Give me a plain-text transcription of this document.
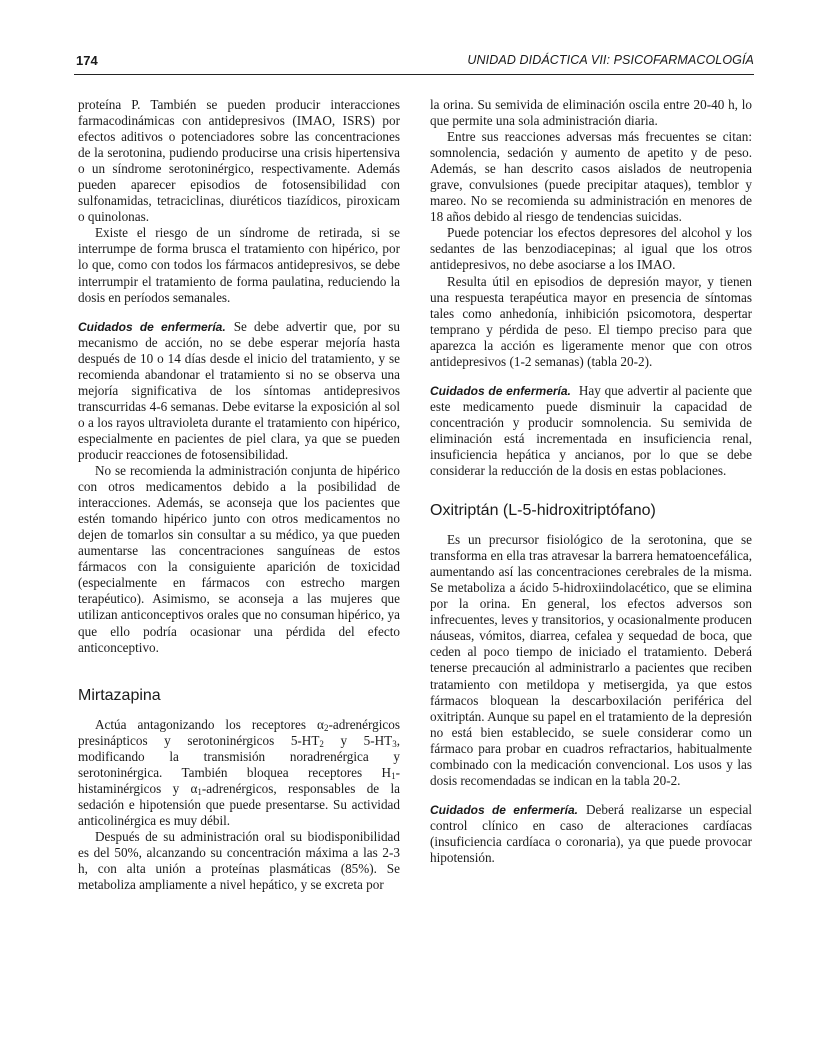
174	UNIDAD DIDÁCTICA VII: PSICOFARMACOLOGÍA

proteína P. También se pueden producir interacciones farmacodinámicas con antidepresivos (IMAO, ISRS) por efectos aditivos o potenciadores sobre las concentraciones de la serotonina, pudiendo producirse una crisis hipertensiva o un síndrome serotoninérgico, respectivamente. Además pueden aparecer episodios de fotosensibilidad con sulfonamidas, tetraciclinas, diuréticos tiazídicos, piroxicam o quinolonas.

Existe el riesgo de un síndrome de retirada, si se interrumpe de forma brusca el tratamiento con hipérico, por lo que, como con todos los fármacos antidepresivos, se debe interrumpir el tratamiento de forma paulatina, reduciendo la dosis en períodos semanales.

Cuidados de enfermería. Se debe advertir que, por su mecanismo de acción, no se debe esperar mejoría hasta después de 10 o 14 días desde el inicio del tratamiento, y se recomienda abandonar el tratamiento si no se observa una mejoría significativa de los síntomas antidepresivos transcurridas 4-6 semanas. Debe evitarse la exposición al sol o a los rayos ultravioleta durante el tratamiento con hipérico, especialmente en pacientes de piel clara, ya que se pueden producir reacciones de fotosensibilidad.

No se recomienda la administración conjunta de hipérico con otros medicamentos debido a la posibilidad de interacciones. Además, se aconseja que los pacientes que estén tomando hipérico junto con otros medicamentos no dejen de tomarlos sin consultar a su médico, ya que pueden aumentarse las concentraciones sanguíneas de estos fármacos con la consiguiente aparición de toxicidad (especialmente en fármacos con estrecho margen terapéutico). Asimismo, se aconseja a las mujeres que utilizan anticonceptivos orales que no consuman hipérico, ya que ello podría ocasionar una pérdida del efecto anticonceptivo.

Mirtazapina

Actúa antagonizando los receptores $\alpha_2$-adrenérgicos presinápticos y serotoninérgicos $5-HT_2$ y $5-HT_3$, modificando la transmisión noradrenérgica y serotoninérgica. También bloquea receptores $H_1$-histaminérgicos y $\alpha_1$-adrenérgicos, responsables de la sedación e hipotensión que puede presentarse. Su actividad anticolinérgica es muy débil.

Después de su administración oral su biodisponibilidad es del 50%, alcanzando su concentración máxima a las 2-3 h, con alta unión a proteínas plasmáticas (85%). Se metaboliza ampliamente a nivel hepático, y se excreta por

la orina. Su semivida de eliminación oscila entre 20-40 h, lo que permite una sola administración diaria.

Entre sus reacciones adversas más frecuentes se citan: somnolencia, sedación y aumento de apetito y de peso. Además, se han descrito casos aislados de neutropenia grave, convulsiones (puede precipitar ataques), temblor y mareo. No se recomienda su administración en menores de 18 años debido al riesgo de tendencias suicidas.

Puede potenciar los efectos depresores del alcohol y los sedantes de las benzodiacepinas; al igual que los otros antidepresivos, no debe asociarse a los IMAO.

Resulta útil en episodios de depresión mayor, y tienen una respuesta terapéutica mayor en presencia de síntomas tales como anhedonía, inhibición psicomotora, despertar temprano y pérdida de peso. El tiempo preciso para que aparezca la acción es ligeramente menor que con otros antidepresivos (1-2 semanas) (tabla 20-2).

Cuidados de enfermería. Hay que advertir al paciente que este medicamento puede disminuir la capacidad de concentración y producir somnolencia. Su semivida de eliminación está incrementada en insuficiencia renal, insuficiencia hepática y ancianos, por lo que se debe considerar la reducción de la dosis en estas poblaciones.

Oxitriptán (L-5-hidroxitriptófano)

Es un precursor fisiológico de la serotonina, que se transforma en ella tras atravesar la barrera hematoencefálica, aumentando así las concentraciones cerebrales de la misma. Se metaboliza a ácido 5-hidroxiindolacético, que se elimina por la orina. En general, los efectos adversos son infrecuentes, leves y transitorios, y ocasionalmente producen náuseas, vómitos, diarrea, cefalea y sequedad de boca, que ceden al poco tiempo de iniciado el tratamiento. Deberá tenerse precaución al administrarlo a pacientes que reciben tratamiento con metildopa y metisergida, ya que estos fármacos bloquean la descarboxilación periférica del oxitriptán. Aunque su papel en el tratamiento de la depresión no está bien establecido, se suele considerar como un fármaco para probar en cuadros refractarios, habitualmente combinado con la medicación convencional. Los usos y las dosis recomendadas se indican en la tabla 20-2.

Cuidados de enfermería. Deberá realizarse un especial control clínico en caso de alteraciones cardíacas (insuficiencia cardíaca o coronaria), ya que puede provocar hipotensión.
